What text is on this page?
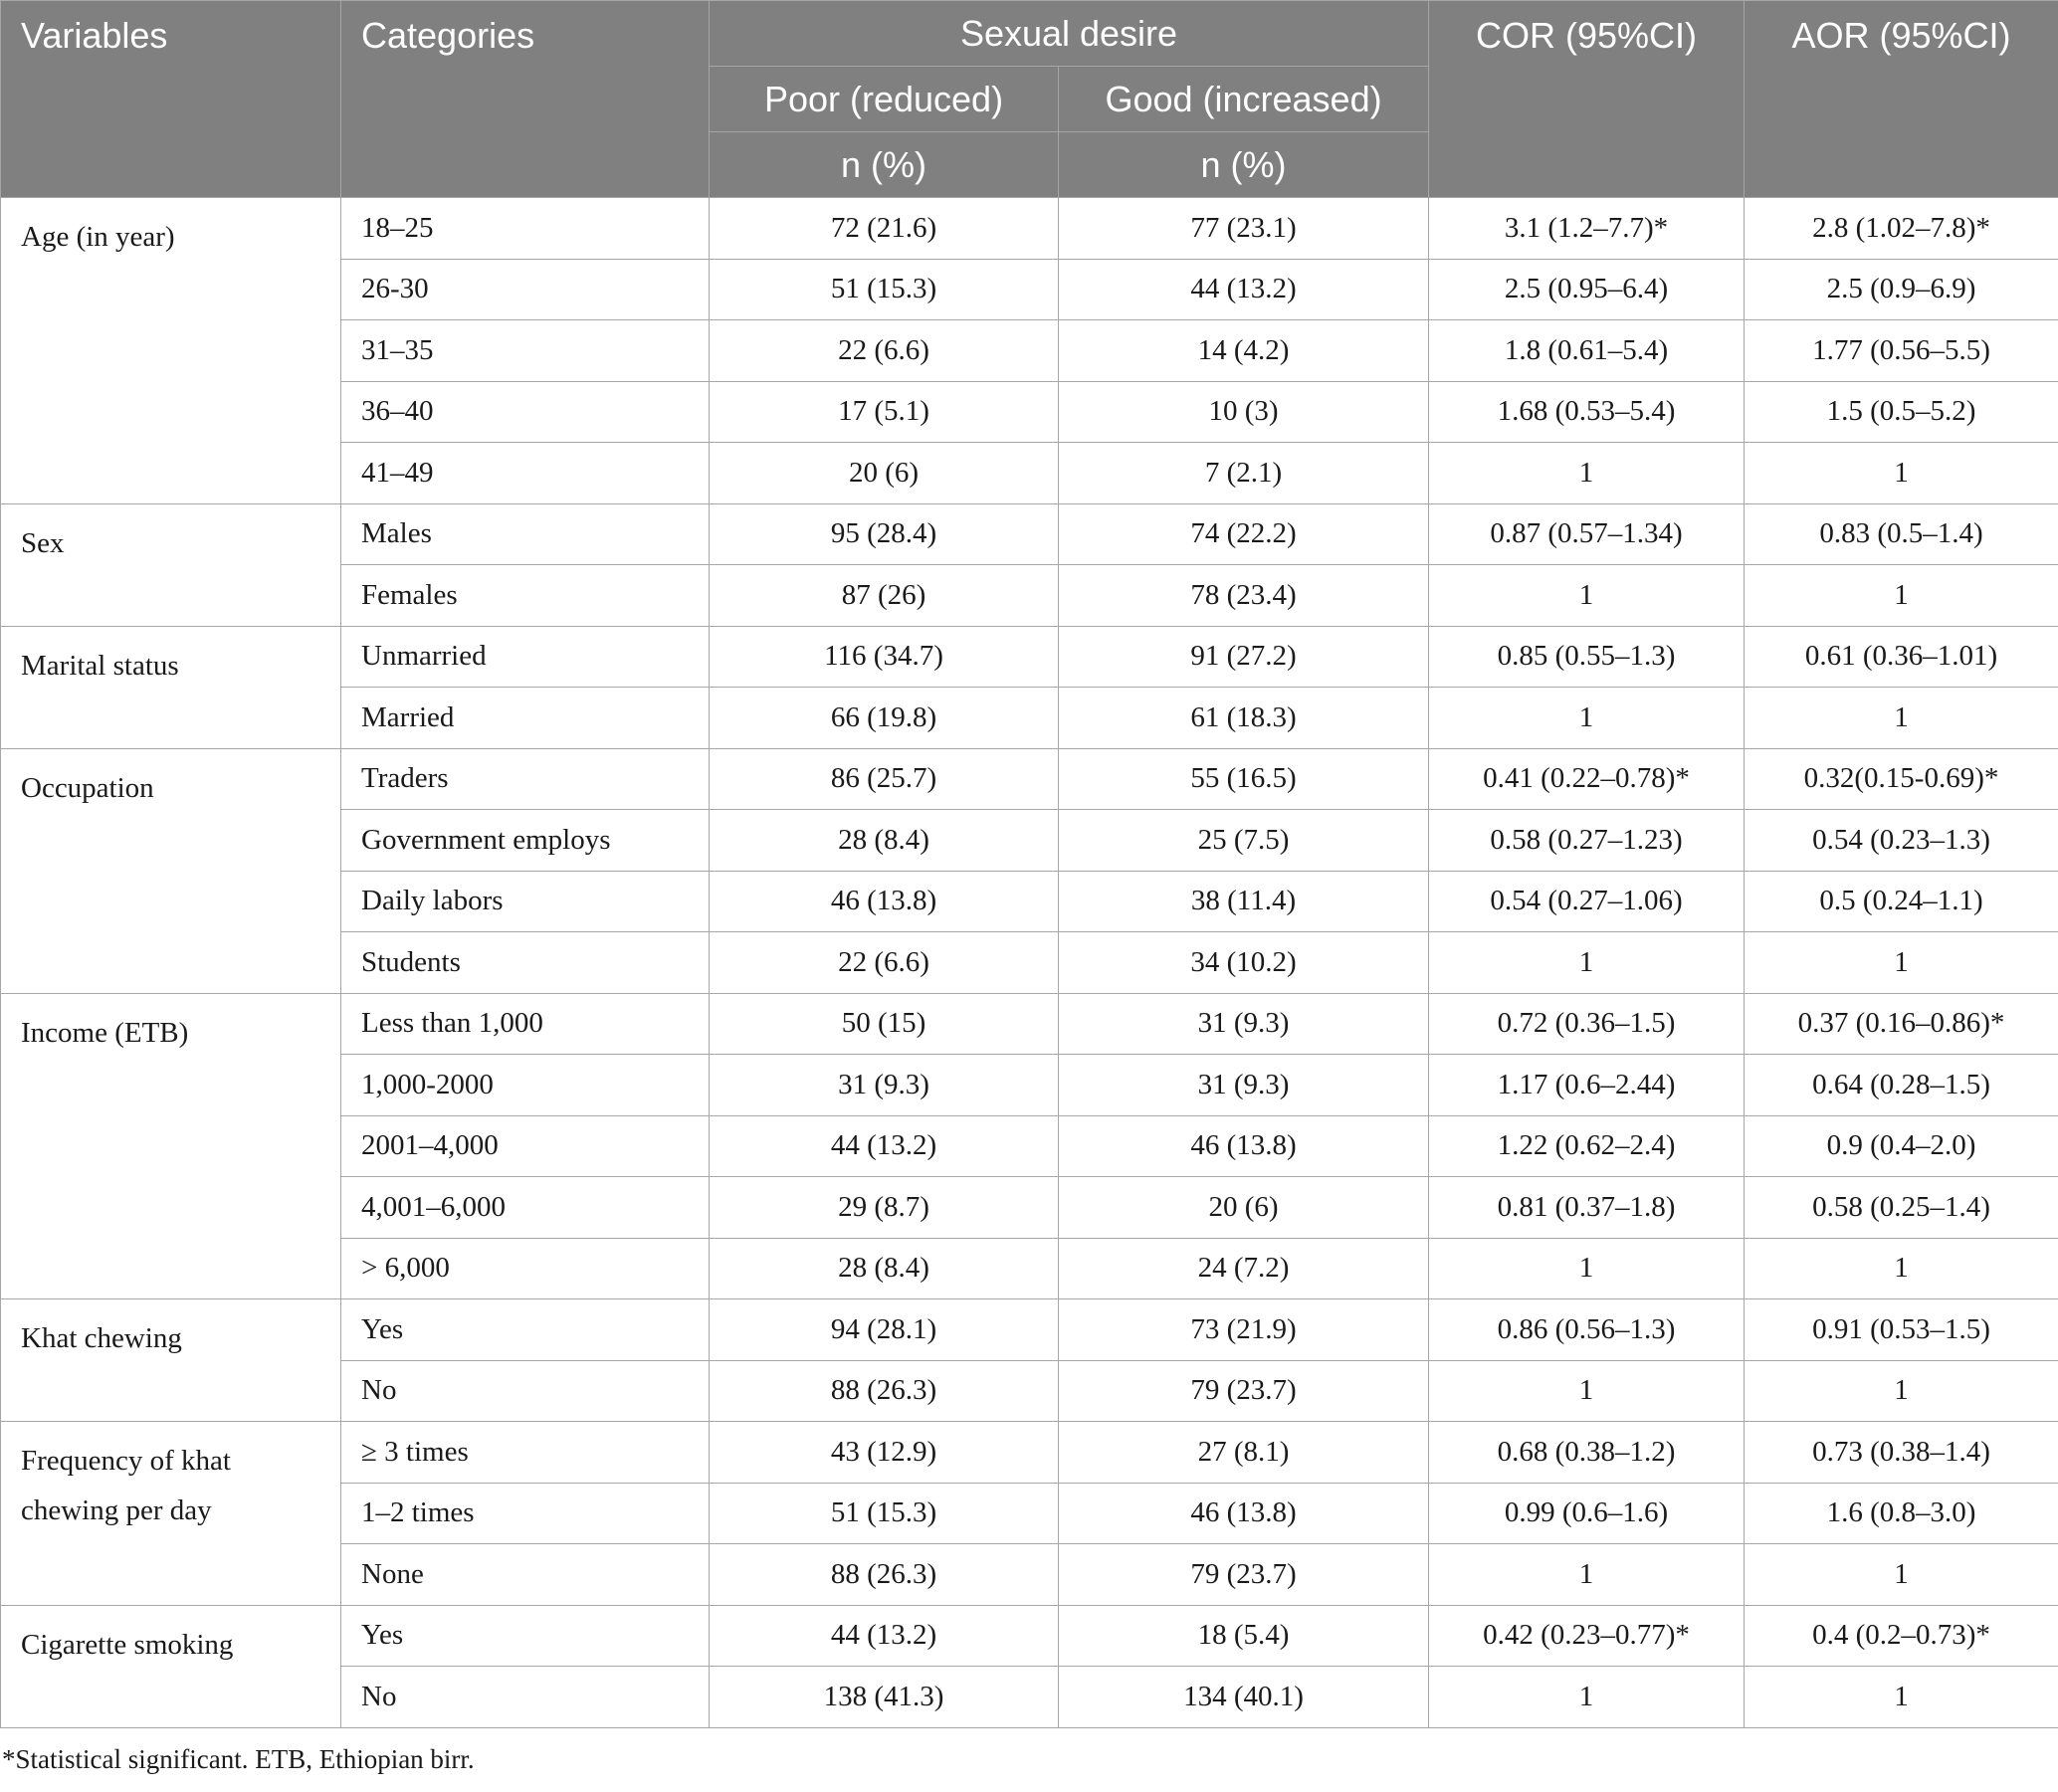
Variables	Categories	Sexual desire		COR (95%CI)	AOR (95%CI)
		Poor (reduced)	Good (increased)		
		n (%)	n (%)		
Age (in year)	18–25	72 (21.6)	77 (23.1)	3.1 (1.2–7.7)*	2.8 (1.02–7.8)*
	26-30	51 (15.3)	44 (13.2)	2.5 (0.95–6.4)	2.5 (0.9–6.9)
	31–35	22 (6.6)	14 (4.2)	1.8 (0.61–5.4)	1.77 (0.56–5.5)
	36–40	17 (5.1)	10 (3)	1.68 (0.53–5.4)	1.5 (0.5–5.2)
	41–49	20 (6)	7 (2.1)	1	1
Sex	Males	95 (28.4)	74 (22.2)	0.87 (0.57–1.34)	0.83 (0.5–1.4)
	Females	87 (26)	78 (23.4)	1	1
Marital status	Unmarried	116 (34.7)	91 (27.2)	0.85 (0.55–1.3)	0.61 (0.36–1.01)
	Married	66 (19.8)	61 (18.3)	1	1
Occupation	Traders	86 (25.7)	55 (16.5)	0.41 (0.22–0.78)*	0.32(0.15-0.69)*
	Government employs	28 (8.4)	25 (7.5)	0.58 (0.27–1.23)	0.54 (0.23–1.3)
	Daily labors	46 (13.8)	38 (11.4)	0.54 (0.27–1.06)	0.5 (0.24–1.1)
	Students	22 (6.6)	34 (10.2)	1	1
Income (ETB)	Less than 1,000	50 (15)	31 (9.3)	0.72 (0.36–1.5)	0.37 (0.16–0.86)*
	1,000-2000	31 (9.3)	31 (9.3)	1.17 (0.6–2.44)	0.64 (0.28–1.5)
	2001–4,000	44 (13.2)	46 (13.8)	1.22 (0.62–2.4)	0.9 (0.4–2.0)
	4,001–6,000	29 (8.7)	20 (6)	0.81 (0.37–1.8)	0.58 (0.25–1.4)
	> 6,000	28 (8.4)	24 (7.2)	1	1
Khat chewing	Yes	94 (28.1)	73 (21.9)	0.86 (0.56–1.3)	0.91 (0.53–1.5)
	No	88 (26.3)	79 (23.7)	1	1
Frequency of khat chewing per day	≥ 3 times	43 (12.9)	27 (8.1)	0.68 (0.38–1.2)	0.73 (0.38–1.4)
	1–2 times	51 (15.3)	46 (13.8)	0.99 (0.6–1.6)	1.6 (0.8–3.0)
	None	88 (26.3)	79 (23.7)	1	1
Cigarette smoking	Yes	44 (13.2)	18 (5.4)	0.42 (0.23–0.77)*	0.4 (0.2–0.73)*
	No	138 (41.3)	134 (40.1)	1	1
*Statistical significant. ETB, Ethiopian birr.
